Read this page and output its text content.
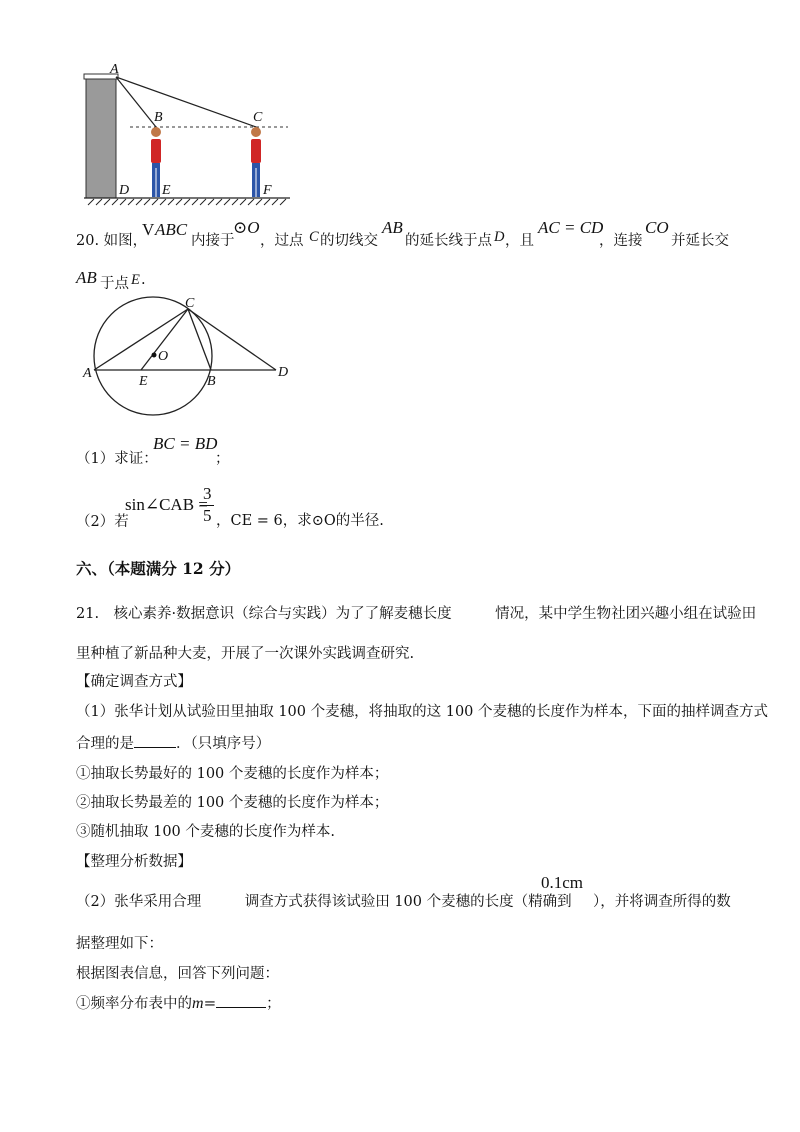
A
B	C
D E	F
20. 如图，
V ABC
内接于
⊙O
，过点 C 的切线交
AB
的延长线于点 D ，且
AC = CD
，连接
CO
并延长交
AB 于点 E .
C
O
A
E	B
D
（1）求证：
BC = BD
；
（2）若
sin∠CAB =
3
5 ，CE = 6，求⊙O的半径.
六、（本题满分 12 分）
21.　核心素养·数据意识（综合与实践）为了了解麦穗长度　　　情况，某中学生物社团兴趣小组在试验田
里种植了新品种大麦，开展了一次课外实践调查研究.
【确定调查方式】
（1）张华计划从试验田里抽取 100 个麦穗，将抽取的这 100 个麦穗的长度作为样本，下面的抽样调查方式
合理的是	．（只填序号）
①抽取长势最好的 100 个麦穗的长度作为样本；
②抽取长势最差的 100 个麦穗的长度作为样本；
③随机抽取 100 个麦穗的长度作为样本.
【整理分析数据】
（2）张华采用合理　　　调查方式获得该试验田 100 个麦穗的长度（精确到
0.1cm
），并将调查所得的数
据整理如下：
根据图表信息，回答下列问题：
①频率分布表中的m=	；
